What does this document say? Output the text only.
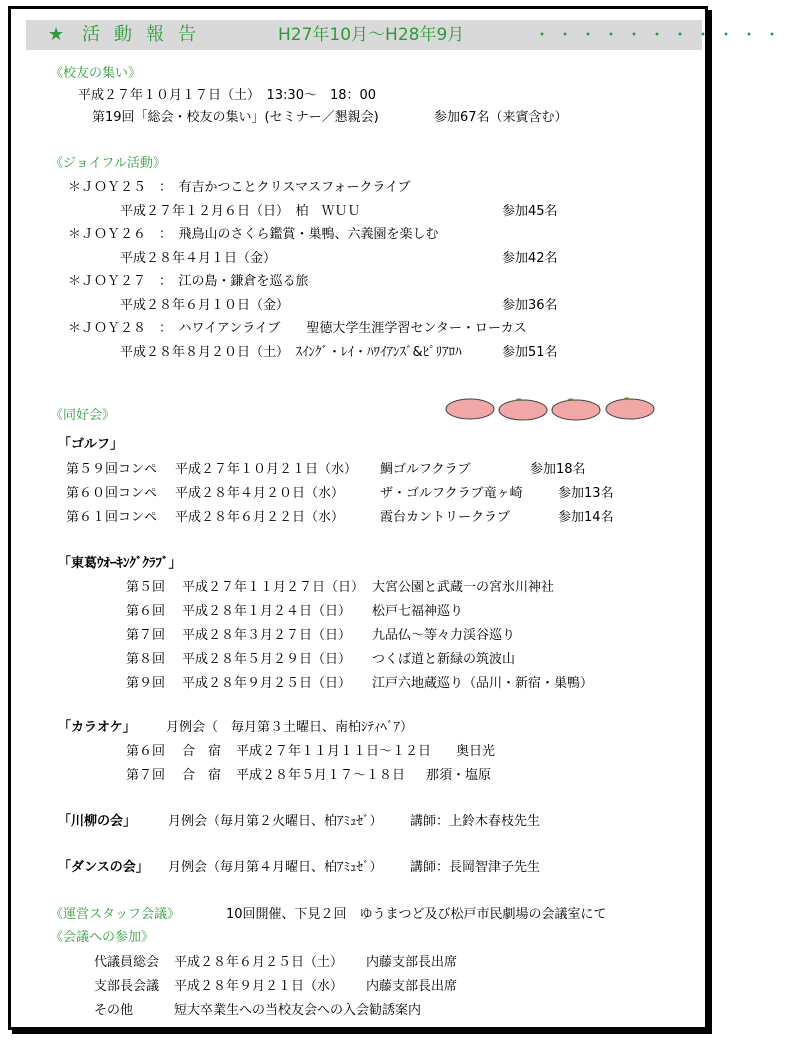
★ 活動報告	H27年10月〜H28年9月	・・・・・・・・・・・
《校友の集い》
平成２７年１０月１７日（土）　13:30〜　18：00
第19回「総会・校友の集い」(セミナー／懇親会)	参加67名（来賓含む）
《ジョイフル活動》
＊ＪＯＹ２５　：　有吉かつことクリスマスフォークライブ
平成２７年１２月６日（日）　柏　ＷＵＵ	参加45名
＊ＪＯＹ２６　：　飛鳥山のさくら鑑賞・巣鴨、六義園を楽しむ
平成２８年４月１日（金）	参加42名
＊ＪＯＹ２７　：　江の島・鎌倉を巡る旅
平成２８年６月１０日（金）	参加36名
＊ＪＯＹ２８　：　ハワイアンライブ　　聖徳大学生涯学習センター・ローカス
平成２８年８月２０日（土）　ｽｲﾝｸﾞ・ﾚｲ・ﾊﾜｲｱﾝｽﾞ&ﾋﾟﾘｱﾛﾊ	参加51名
《同好会》
「ゴルフ」
第５９回コンペ 平成２７年１０月２１日（水） 鯛ゴルフクラブ	参加18名
第６０回コンペ 平成２８年４月２０日（水）	ザ・ゴルフクラブ竜ヶ崎	参加13名
第６１回コンペ 平成２８年６月２２日（水）	霞台カントリークラブ	参加14名
「東葛ｳｵｰｷﾝｸﾞｸﾗﾌﾞ」
第５回 平成２７年１１月２７日（日） 大宮公園と武蔵一の宮氷川神社
第６回 平成２８年１月２４日（日） 松戸七福神巡り
第７回 平成２８年３月２７日（日） 九品仏〜等々力渓谷巡り
第８回 平成２８年５月２９日（日） つくば道と新緑の筑波山
第９回 平成２８年９月２５日（日） 江戸六地蔵巡り（品川・新宿・巣鴨）
「カラオケ」 月例会（　毎月第３土曜日、南柏ｼﾃｨﾍﾞｱ）
第６回 合　宿 平成２７年１１月１１日〜１２日 奥日光
第７回 合　宿 平成２８年５月１７〜１８日 那須・塩原
「川柳の会」 月例会（毎月第２火曜日、柏ｱﾐｭｾﾞ） 講師：上鈴木春枝先生
「ダンスの会」 月例会（毎月第４月曜日、柏ｱﾐｭｾﾞ） 講師：長岡智津子先生
《運営スタッフ会議》	10回開催、下見２回　ゆうまつど及び松戸市民劇場の会議室にて
《会議への参加》
代議員総会 平成２８年６月２５日（土） 内藤支部長出席
支部長会議 平成２８年９月２１日（水） 内藤支部長出席
その他	短大卒業生への当校友会への入会勧誘案内
